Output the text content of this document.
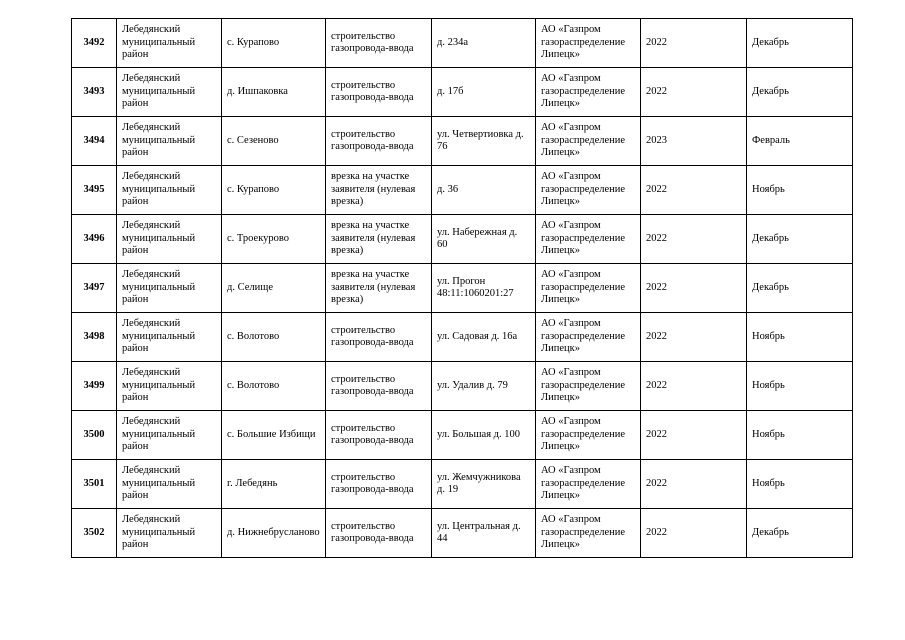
3492	Лебедянский муниципальный район	с. Курапово	строительство газопровода-ввода	д. 234а	АО «Газпром газораспределение Липецк»	2022	Декабрь
3493	Лебедянский муниципальный район	д. Ишпаковка	строительство газопровода-ввода	д. 17б	АО «Газпром газораспределение Липецк»	2022	Декабрь
3494	Лебедянский муниципальный район	с. Сезеново	строительство газопровода-ввода	ул. Четвертиовка д. 76	АО «Газпром газораспределение Липецк»	2023	Февраль
3495	Лебедянский муниципальный район	с. Курапово	врезка на участке заявителя (нулевая врезка)	д. 36	АО «Газпром газораспределение Липецк»	2022	Ноябрь
3496	Лебедянский муниципальный район	с. Троекурово	врезка на участке заявителя (нулевая врезка)	ул. Набережная д. 60	АО «Газпром газораспределение Липецк»	2022	Декабрь
3497	Лебедянский муниципальный район	д. Селище	врезка на участке заявителя (нулевая врезка)	ул. Прогон 48:11:1060201:27	АО «Газпром газораспределение Липецк»	2022	Декабрь
3498	Лебедянский муниципальный район	с. Волотово	строительство газопровода-ввода	ул. Садовая д. 16а	АО «Газпром газораспределение Липецк»	2022	Ноябрь
3499	Лебедянский муниципальный район	с. Волотово	строительство газопровода-ввода	ул. Удалив д. 79	АО «Газпром газораспределение Липецк»	2022	Ноябрь
3500	Лебедянский муниципальный район	с. Большие Избищи	строительство газопровода-ввода	ул. Большая д. 100	АО «Газпром газораспределение Липецк»	2022	Ноябрь
3501	Лебедянский муниципальный район	г. Лебедянь	строительство газопровода-ввода	ул. Жемчужникова д. 19	АО «Газпром газораспределение Липецк»	2022	Ноябрь
3502	Лебедянский муниципальный район	д. Нижнебрусланово	строительство газопровода-ввода	ул. Центральная д. 44	АО «Газпром газораспределение Липецк»	2022	Декабрь
